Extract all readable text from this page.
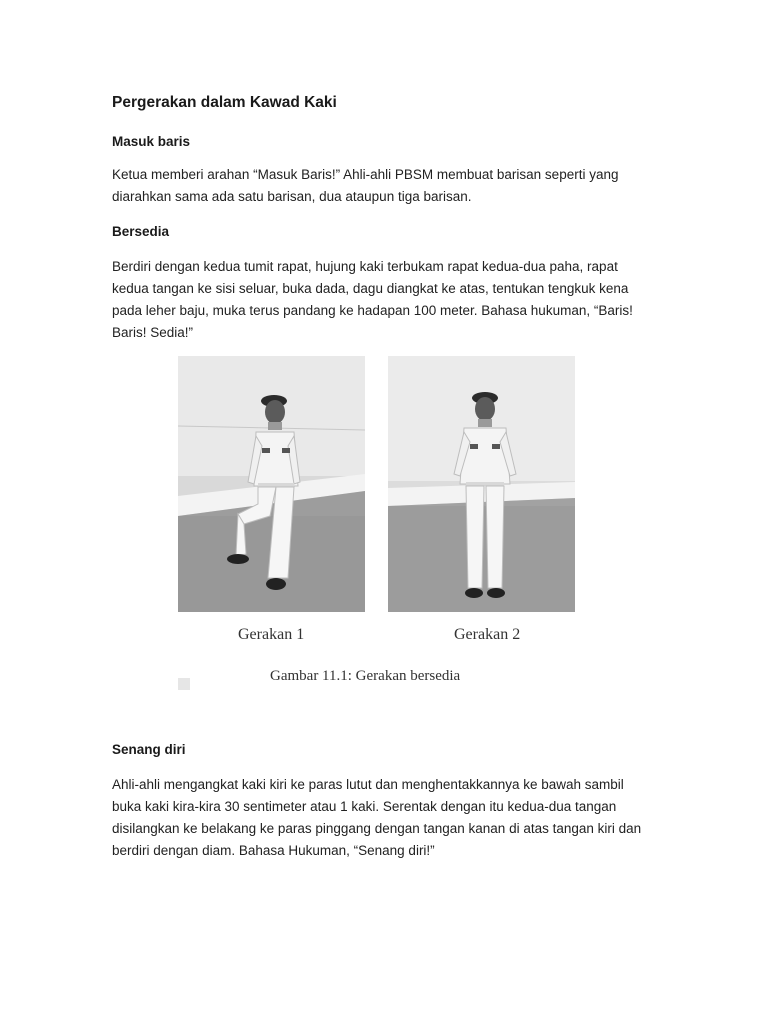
Pergerakan dalam Kawad Kaki
Masuk baris
Ketua memberi arahan “Masuk Baris!” Ahli-ahli PBSM membuat barisan seperti yang diarahkan sama ada satu barisan, dua ataupun tiga barisan.
Bersedia
Berdiri dengan kedua tumit rapat, hujung kaki terbukam rapat kedua-dua paha, rapat kedua tangan ke sisi seluar, buka dada, dagu diangkat ke atas, tentukan tengkuk kena pada leher baju, muka terus pandang ke hadapan 100 meter. Bahasa hukuman, “Baris! Baris! Sedia!”
Gerakan 1	Gerakan 2
Gambar 11.1: Gerakan bersedia
Senang diri
Ahli-ahli mengangkat kaki kiri ke paras lutut dan menghentakkannya ke bawah sambil buka kaki kira-kira 30 sentimeter atau 1 kaki. Serentak dengan itu kedua-dua tangan disilangkan ke belakang ke paras pinggang dengan tangan kanan di atas tangan kiri dan berdiri dengan diam. Bahasa Hukuman, “Senang diri!”
